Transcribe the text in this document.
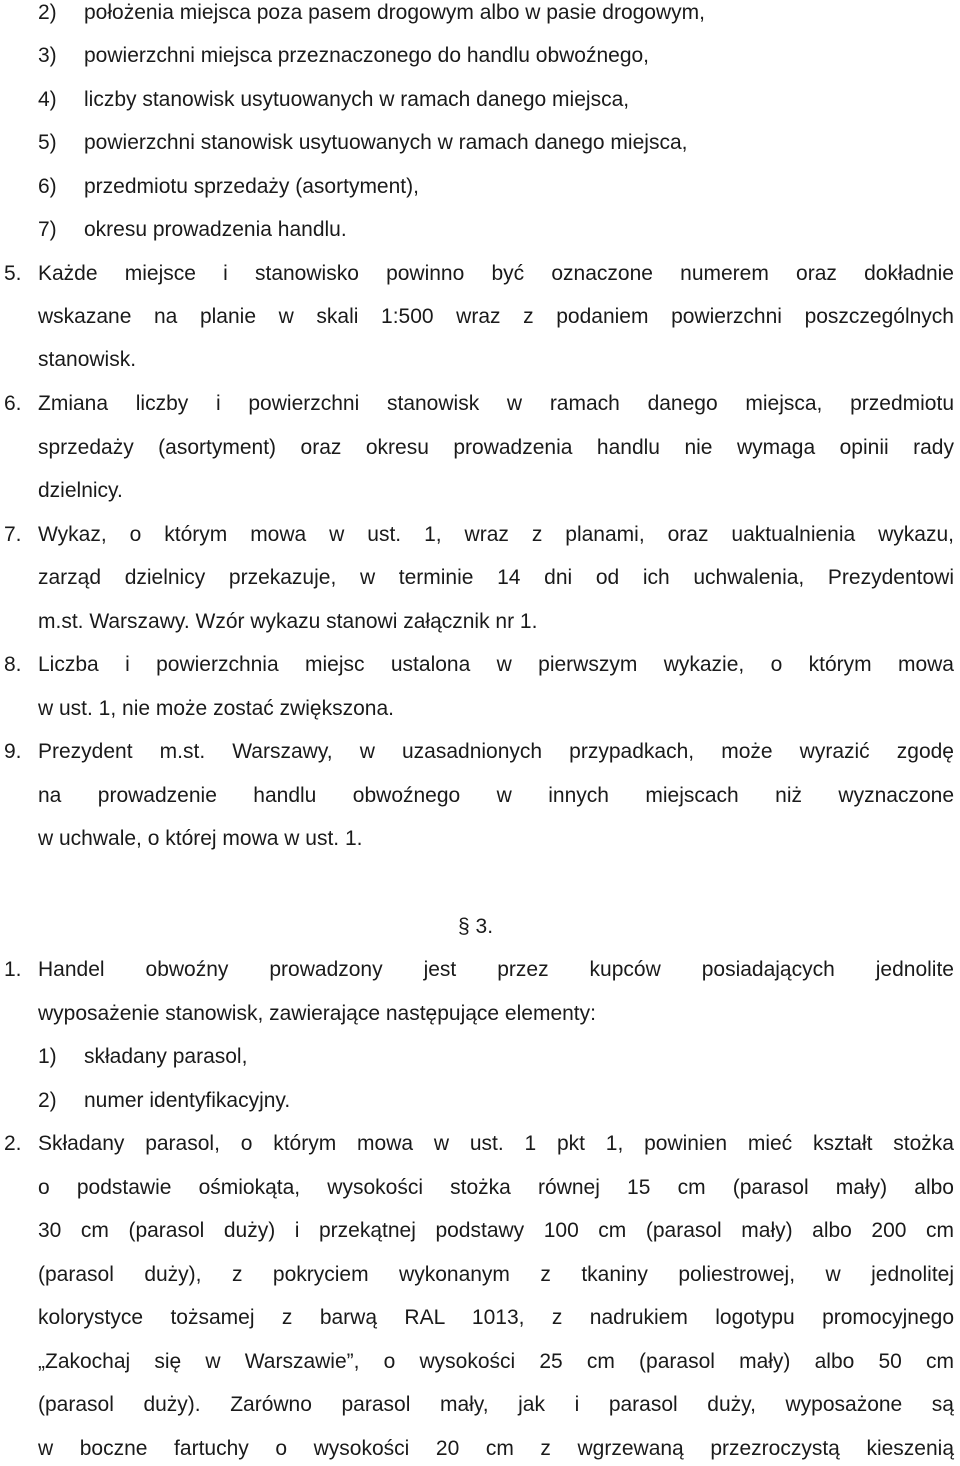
2) położenia miejsca poza pasem drogowym albo w pasie drogowym,
3) powierzchni miejsca przeznaczonego do handlu obwoźnego,
4) liczby stanowisk usytuowanych w ramach danego miejsca,
5) powierzchni stanowisk usytuowanych w ramach danego miejsca,
6) przedmiotu sprzedaży (asortyment),
7) okresu prowadzenia handlu.
5. Każde miejsce i stanowisko powinno być oznaczone numerem oraz dokładnie
wskazane na planie w skali 1:500 wraz z podaniem powierzchni poszczególnych
stanowisk.
6. Zmiana liczby i powierzchni stanowisk w ramach danego miejsca, przedmiotu
sprzedaży (asortyment) oraz okresu prowadzenia handlu nie wymaga opinii rady
dzielnicy.
7. Wykaz, o którym mowa w ust. 1, wraz z planami, oraz uaktualnienia wykazu,
zarząd dzielnicy przekazuje, w terminie 14 dni od ich uchwalenia, Prezydentowi
m.st. Warszawy. Wzór wykazu stanowi załącznik nr 1.
8. Liczba i powierzchnia miejsc ustalona w pierwszym wykazie, o którym mowa
w ust. 1, nie może zostać zwiększona.
9. Prezydent m.st. Warszawy, w uzasadnionych przypadkach, może wyrazić zgodę
na prowadzenie handlu obwoźnego w innych miejscach niż wyznaczone
w uchwale, o której mowa w ust. 1.
§ 3.
1. Handel obwoźny prowadzony jest przez kupców posiadających jednolite
wyposażenie stanowisk, zawierające następujące elementy:
1) składany parasol,
2) numer identyfikacyjny.
2. Składany parasol, o którym mowa w ust. 1 pkt 1, powinien mieć kształt stożka
o podstawie ośmiokąta, wysokości stożka równej 15 cm (parasol mały) albo
30 cm (parasol duży) i przekątnej podstawy 100 cm (parasol mały) albo 200 cm
(parasol duży), z pokryciem wykonanym z tkaniny poliestrowej, w jednolitej
kolorystyce tożsamej z barwą RAL 1013, z nadrukiem logotypu promocyjnego
„Zakochaj się w Warszawie”, o wysokości 25 cm (parasol mały) albo 50 cm
(parasol duży). Zarówno parasol mały, jak i parasol duży, wyposażone są
w boczne fartuchy o wysokości 20 cm z wgrzewaną przezroczystą kieszenią
